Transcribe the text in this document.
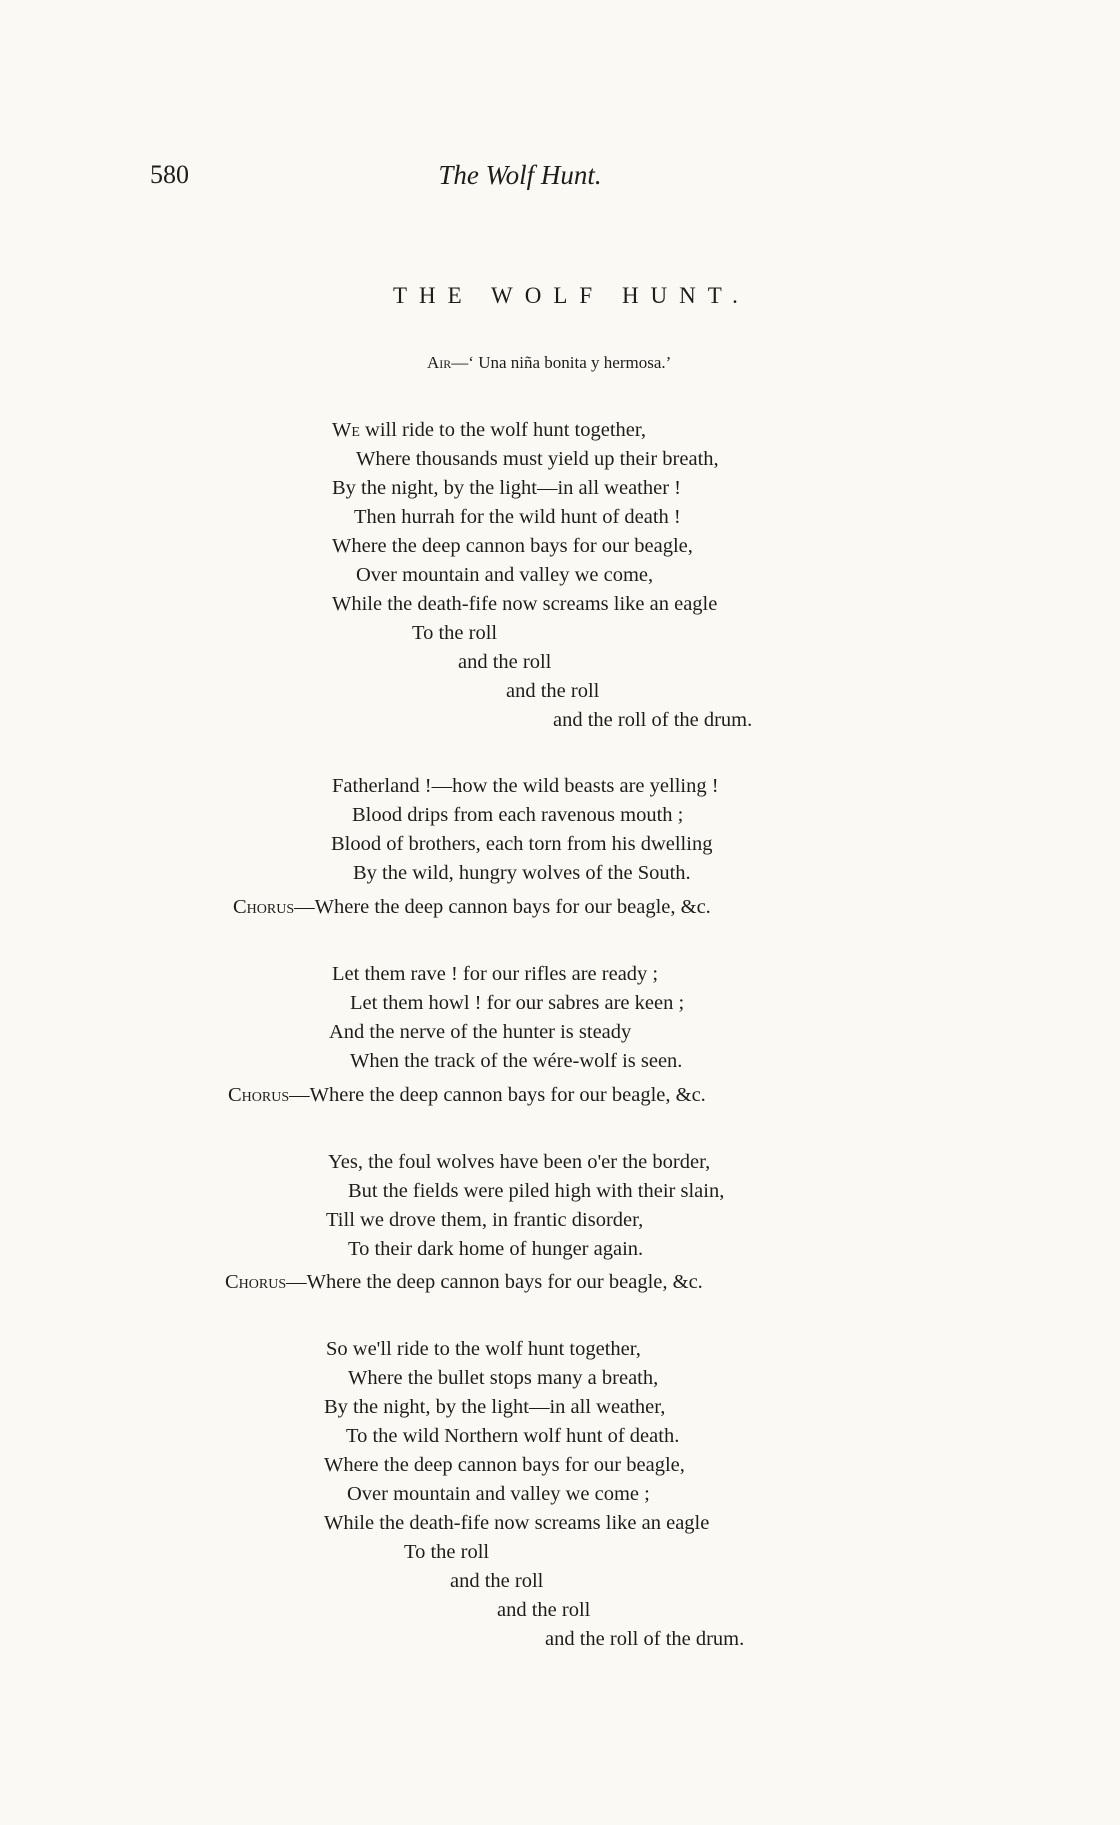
580	The Wolf Hunt.
THE WOLF HUNT.
Air—‘ Una niña bonita y hermosa.’
We will ride to the wolf hunt together,
Where thousands must yield up their breath,
By the night, by the light—in all weather !
Then hurrah for the wild hunt of death !
Where the deep cannon bays for our beagle,
Over mountain and valley we come,
While the death-fife now screams like an eagle
To the roll
and the roll
and the roll
and the roll of the drum.
Fatherland !—how the wild beasts are yelling !
Blood drips from each ravenous mouth ;
Blood of brothers, each torn from his dwelling
By the wild, hungry wolves of the South.
Chorus—Where the deep cannon bays for our beagle, &c.
Let them rave ! for our rifles are ready ;
Let them howl ! for our sabres are keen ;
And the nerve of the hunter is steady
When the track of the wére-wolf is seen.
Chorus—Where the deep cannon bays for our beagle, &c.
Yes, the foul wolves have been o'er the border,
But the fields were piled high with their slain,
Till we drove them, in frantic disorder,
To their dark home of hunger again.
Chorus—Where the deep cannon bays for our beagle, &c.
So we'll ride to the wolf hunt together,
Where the bullet stops many a breath,
By the night, by the light—in all weather,
To the wild Northern wolf hunt of death.
Where the deep cannon bays for our beagle,
Over mountain and valley we come ;
While the death-fife now screams like an eagle
To the roll
and the roll
and the roll
and the roll of the drum.
